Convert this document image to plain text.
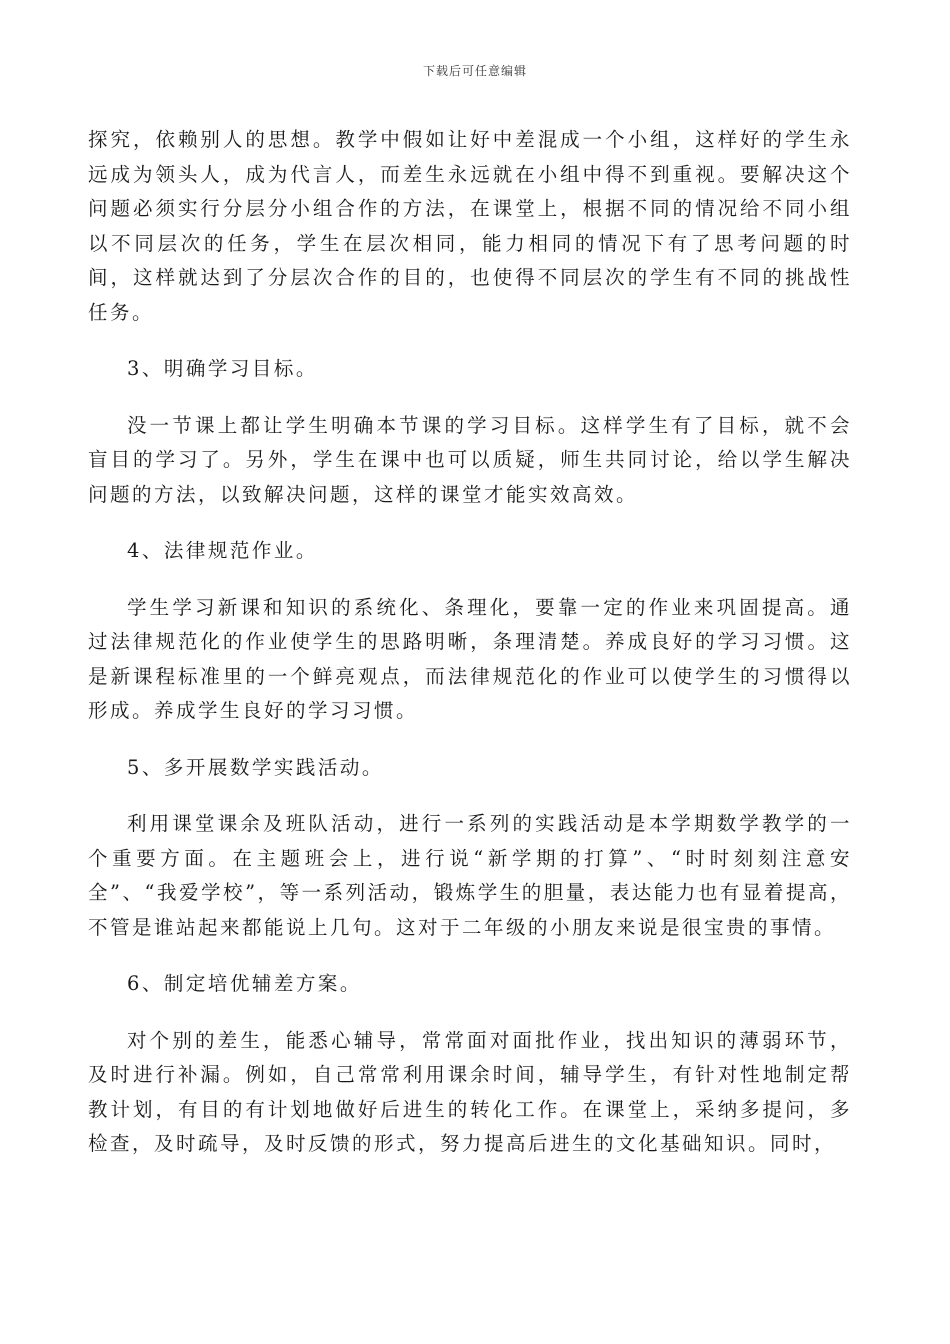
下载后可任意编辑

探究，依赖别人的思想。教学中假如让好中差混成一个小组，这样好的学生永远成为领头人，成为代言人，而差生永远就在小组中得不到重视。要解决这个问题必须实行分层分小组合作的方法，在课堂上，根据不同的情况给不同小组以不同层次的任务，学生在层次相同，能力相同的情况下有了思考问题的时间，这样就达到了分层次合作的目的，也使得不同层次的学生有不同的挑战性任务。

3、明确学习目标。

没一节课上都让学生明确本节课的学习目标。这样学生有了目标，就不会盲目的学习了。另外，学生在课中也可以质疑，师生共同讨论，给以学生解决问题的方法，以致解决问题，这样的课堂才能实效高效。

4、法律规范作业。

学生学习新课和知识的系统化、条理化，要靠一定的作业来巩固提高。通过法律规范化的作业使学生的思路明晰，条理清楚。养成良好的学习习惯。这是新课程标准里的一个鲜亮观点，而法律规范化的作业可以使学生的习惯得以形成。养成学生良好的学习习惯。

5、多开展数学实践活动。

利用课堂课余及班队活动，进行一系列的实践活动是本学期数学教学的一个重要方面。在主题班会上，进行说“新学期的打算”、“时时刻刻注意安全”、“我爱学校”，等一系列活动，锻炼学生的胆量，表达能力也有显着提高，不管是谁站起来都能说上几句。这对于二年级的小朋友来说是很宝贵的事情。

6、制定培优辅差方案。

对个别的差生，能悉心辅导，常常面对面批作业，找出知识的薄弱环节，及时进行补漏。例如，自己常常利用课余时间，辅导学生，有针对性地制定帮教计划，有目的有计划地做好后进生的转化工作。在课堂上，采纳多提问，多检查，及时疏导，及时反馈的形式，努力提高后进生的文化基础知识。同时，
